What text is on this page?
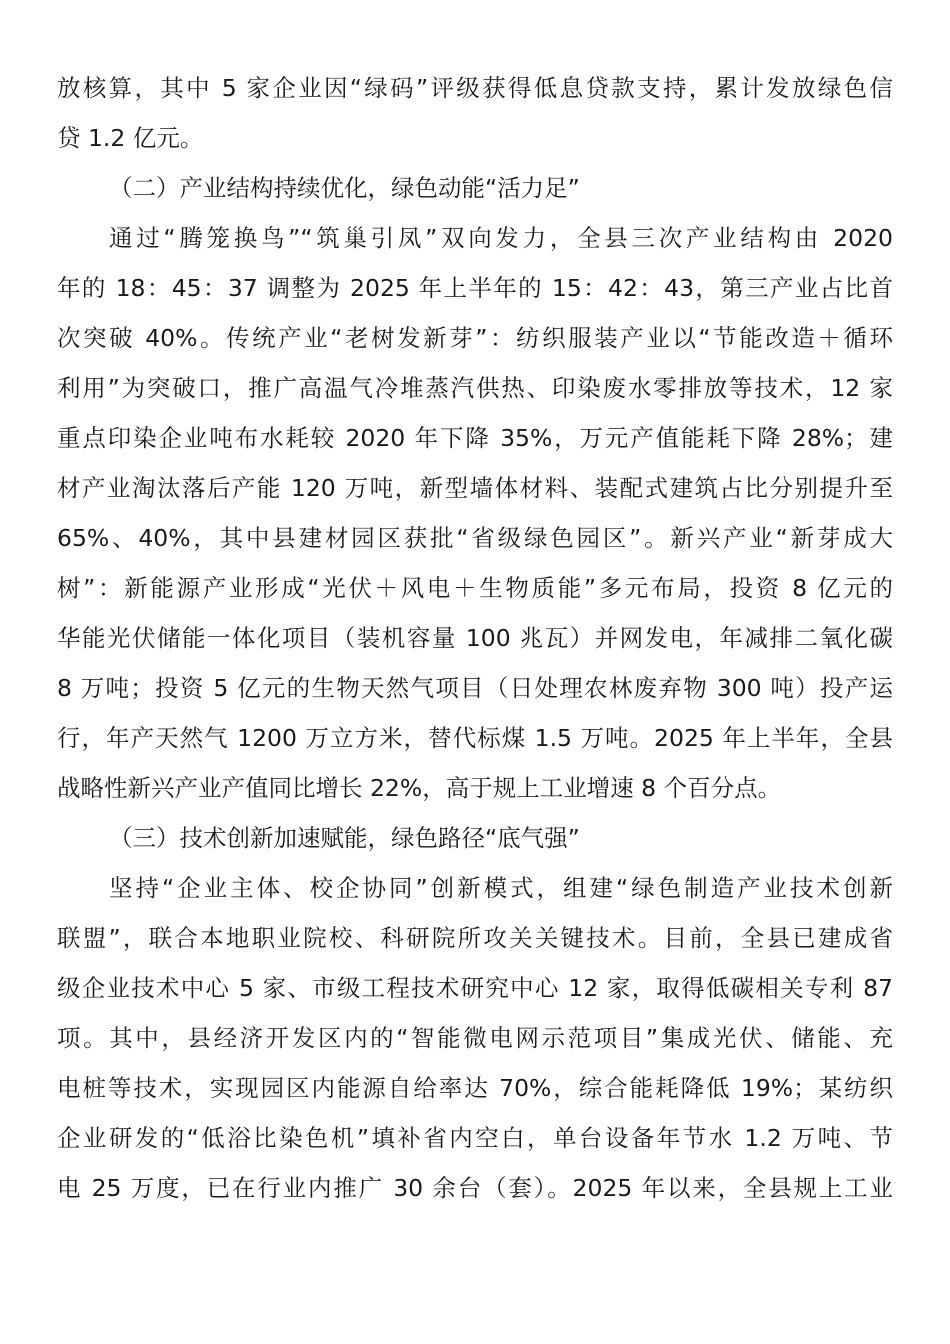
放核算，其中 5 家企业因“绿码”评级获得低息贷款支持，累计发放绿色信
贷 1.2 亿元。
（二）产业结构持续优化，绿色动能“活力足”
通过“腾笼换鸟”“筑巢引凤”双向发力，全县三次产业结构由 2020
年的 18：45：37 调整为 2025 年上半年的 15：42：43，第三产业占比首
次突破 40%。传统产业“老树发新芽”：纺织服装产业以“节能改造＋循环
利用”为突破口，推广高温气冷堆蒸汽供热、印染废水零排放等技术，12 家
重点印染企业吨布水耗较 2020 年下降 35%，万元产值能耗下降 28%；建
材产业淘汰落后产能 120 万吨，新型墙体材料、装配式建筑占比分别提升至
65%、40%，其中县建材园区获批“省级绿色园区”。新兴产业“新芽成大
树”：新能源产业形成“光伏＋风电＋生物质能”多元布局，投资 8 亿元的
华能光伏储能一体化项目（装机容量 100 兆瓦）并网发电，年减排二氧化碳
8 万吨；投资 5 亿元的生物天然气项目（日处理农林废弃物 300 吨）投产运
行，年产天然气 1200 万立方米，替代标煤 1.5 万吨。2025 年上半年，全县
战略性新兴产业产值同比增长 22%，高于规上工业增速 8 个百分点。
（三）技术创新加速赋能，绿色路径“底气强”
坚持“企业主体、校企协同”创新模式，组建“绿色制造产业技术创新
联盟”，联合本地职业院校、科研院所攻关关键技术。目前，全县已建成省
级企业技术中心 5 家、市级工程技术研究中心 12 家，取得低碳相关专利 87
项。其中，县经济开发区内的“智能微电网示范项目”集成光伏、储能、充
电桩等技术，实现园区内能源自给率达 70%，综合能耗降低 19%；某纺织
企业研发的“低浴比染色机”填补省内空白，单台设备年节水 1.2 万吨、节
电 25 万度，已在行业内推广 30 余台（套）。2025 年以来，全县规上工业
